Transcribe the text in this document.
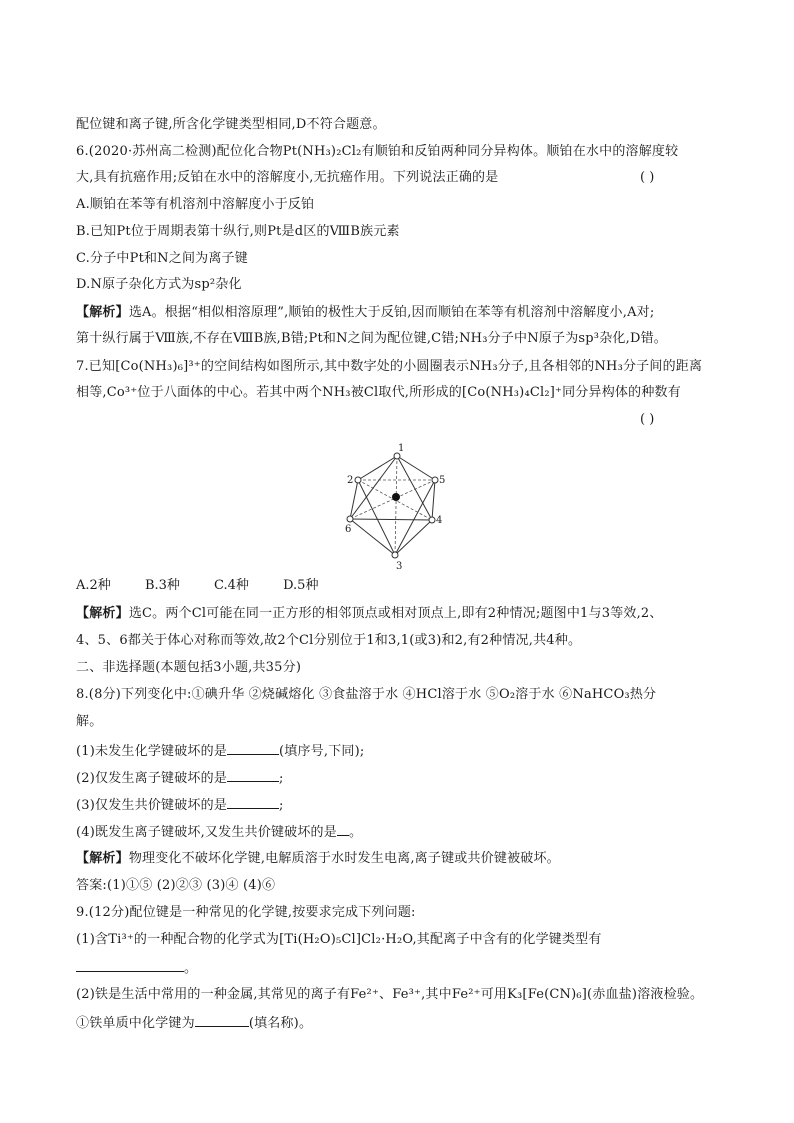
配位键和离子键,所含化学键类型相同,D不符合题意。
6.(2020·苏州高二检测)配位化合物Pt(NH₃)₂Cl₂有顺铂和反铂两种同分异构体。顺铂在水中的溶解度较
大,具有抗癌作用;反铂在水中的溶解度小,无抗癌作用。下列说法正确的是	( )
A.顺铂在苯等有机溶剂中溶解度小于反铂
B.已知Pt位于周期表第十纵行,则Pt是d区的ⅧB族元素
C.分子中Pt和N之间为离子键
D.N原子杂化方式为sp²杂化
【解析】选A。根据“相似相溶原理”,顺铂的极性大于反铂,因而顺铂在苯等有机溶剂中溶解度小,A对;
第十纵行属于Ⅷ族,不存在ⅧB族,B错;Pt和N之间为配位键,C错;NH₃分子中N原子为sp³杂化,D错。
7.已知[Co(NH₃)₆]³⁺的空间结构如图所示,其中数字处的小圆圈表示NH₃分子,且各相邻的NH₃分子间的距离
相等,Co³⁺位于八面体的中心。若其中两个NH₃被Cl取代,所形成的[Co(NH₃)₄Cl₂]⁺同分异构体的种数有
( )
1
2
3
4
5
6
A.2种	B.3种	C.4种	D.5种
【解析】选C。两个Cl可能在同一正方形的相邻顶点或相对顶点上,即有2种情况;题图中1与3等效,2、
4、5、6都关于体心对称而等效,故2个Cl分别位于1和3,1(或3)和2,有2种情况,共4种。
二、非选择题(本题包括3小题,共35分)
8.(8分)下列变化中:①碘升华 ②烧碱熔化 ③食盐溶于水 ④HCl溶于水 ⑤O₂溶于水 ⑥NaHCO₃热分
解。
(1)未发生化学键破坏的是	(填序号,下同);
(2)仅发生离子键破坏的是	;
(3)仅发生共价键破坏的是	;
(4)既发生离子键破坏,又发生共价键破坏的是 。
【解析】物理变化不破坏化学键,电解质溶于水时发生电离,离子键或共价键被破坏。
答案:(1)①⑤ (2)②③ (3)④ (4)⑥
9.(12分)配位键是一种常见的化学键,按要求完成下列问题:
(1)含Ti³⁺的一种配合物的化学式为[Ti(H₂O)₅Cl]Cl₂·H₂O,其配离子中含有的化学键类型有
。
(2)铁是生活中常用的一种金属,其常见的离子有Fe²⁺、Fe³⁺,其中Fe²⁺可用K₃[Fe(CN)₆](赤血盐)溶液检验。
①铁单质中化学键为	(填名称)。
